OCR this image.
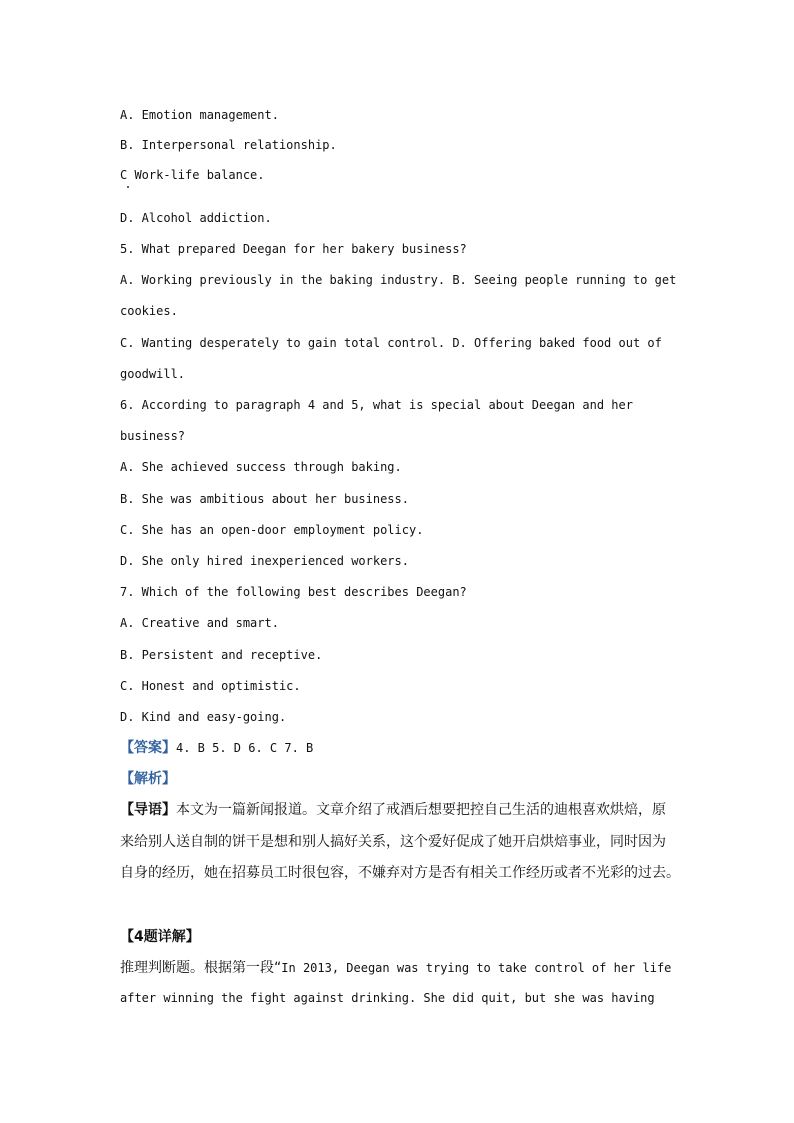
A. Emotion management.
B. Interpersonal relationship.
C Work-life balance.
D. Alcohol addiction.
5. What prepared Deegan for her bakery business?
A. Working previously in the baking industry. B. Seeing people running to get
cookies.
C. Wanting desperately to gain total control. D. Offering baked food out of
goodwill.
6. According to paragraph 4 and 5, what is special about Deegan and her
business?
A. She achieved success through baking.
B. She was ambitious about her business.
C. She has an open-door employment policy.
D. She only hired inexperienced workers.
7. Which of the following best describes Deegan?
A. Creative and smart.
B. Persistent and receptive.
C. Honest and optimistic.
D. Kind and easy-going.
【答案】4. B 5. D 6. C 7. B
【解析】
【导语】本文为一篇新闻报道。文章介绍了戒酒后想要把控自己生活的迪根喜欢烘焙，原
来给别人送自制的饼干是想和别人搞好关系，这个爱好促成了她开启烘焙事业，同时因为
自身的经历，她在招募员工时很包容，不嫌弃对方是否有相关工作经历或者不光彩的过去。
【4题详解】
推理判断题。根据第一段“In 2013, Deegan was trying to take control of her life
after winning the fight against drinking. She did quit, but she was having
